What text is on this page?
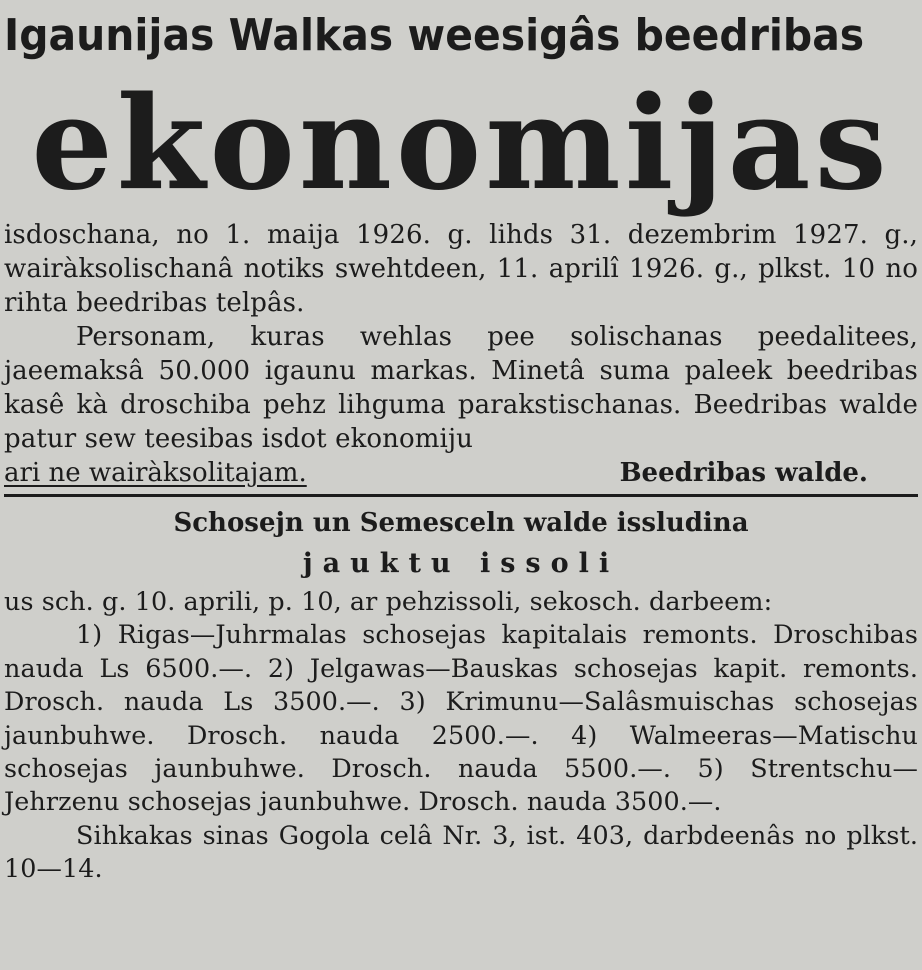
Igaunijas Walkas weesigâs beedribas
ekonomijas

isdoschana, no 1. maija 1926. g. lihds 31. dezembrim 1927. g., wairàksolischanâ notiks swehtdeen, 11. aprilî 1926. g., plkst. 10 no rihta beedribas telpâs.

Personam, kuras wehlas pee solischanas peedalitees, jaeemaksâ 50.000 igaunu markas. Minetâ suma paleek beedribas kasê kà droschiba pehz lihguma parakstischanas. Beedribas walde patur sew teesibas isdot ekonomiju

ari ne wairàksolitajam.	Beedribas walde.
Schosejn un Semesceln walde issludina
jauktu issoli

us sch. g. 10. aprili, p. 10, ar pehzissoli, sekosch. darbeem:

1) Rigas—Juhrmalas schosejas kapitalais remonts. Droschibas nauda Ls 6500.—. 2) Jelgawas—Bauskas schosejas kapit. remonts. Drosch. nauda Ls 3500.—. 3) Krimunu—Salâsmuischas schosejas jaunbuhwe. Drosch. nauda 2500.—. 4) Walmeeras—Matischu schosejas jaunbuhwe. Drosch. nauda 5500.—. 5) Strentschu—Jehrzenu schosejas jaunbuhwe. Drosch. nauda 3500.—.

Sihkakas sinas Gogola celâ Nr. 3, ist. 403, darbdeenâs no plkst. 10—14.
